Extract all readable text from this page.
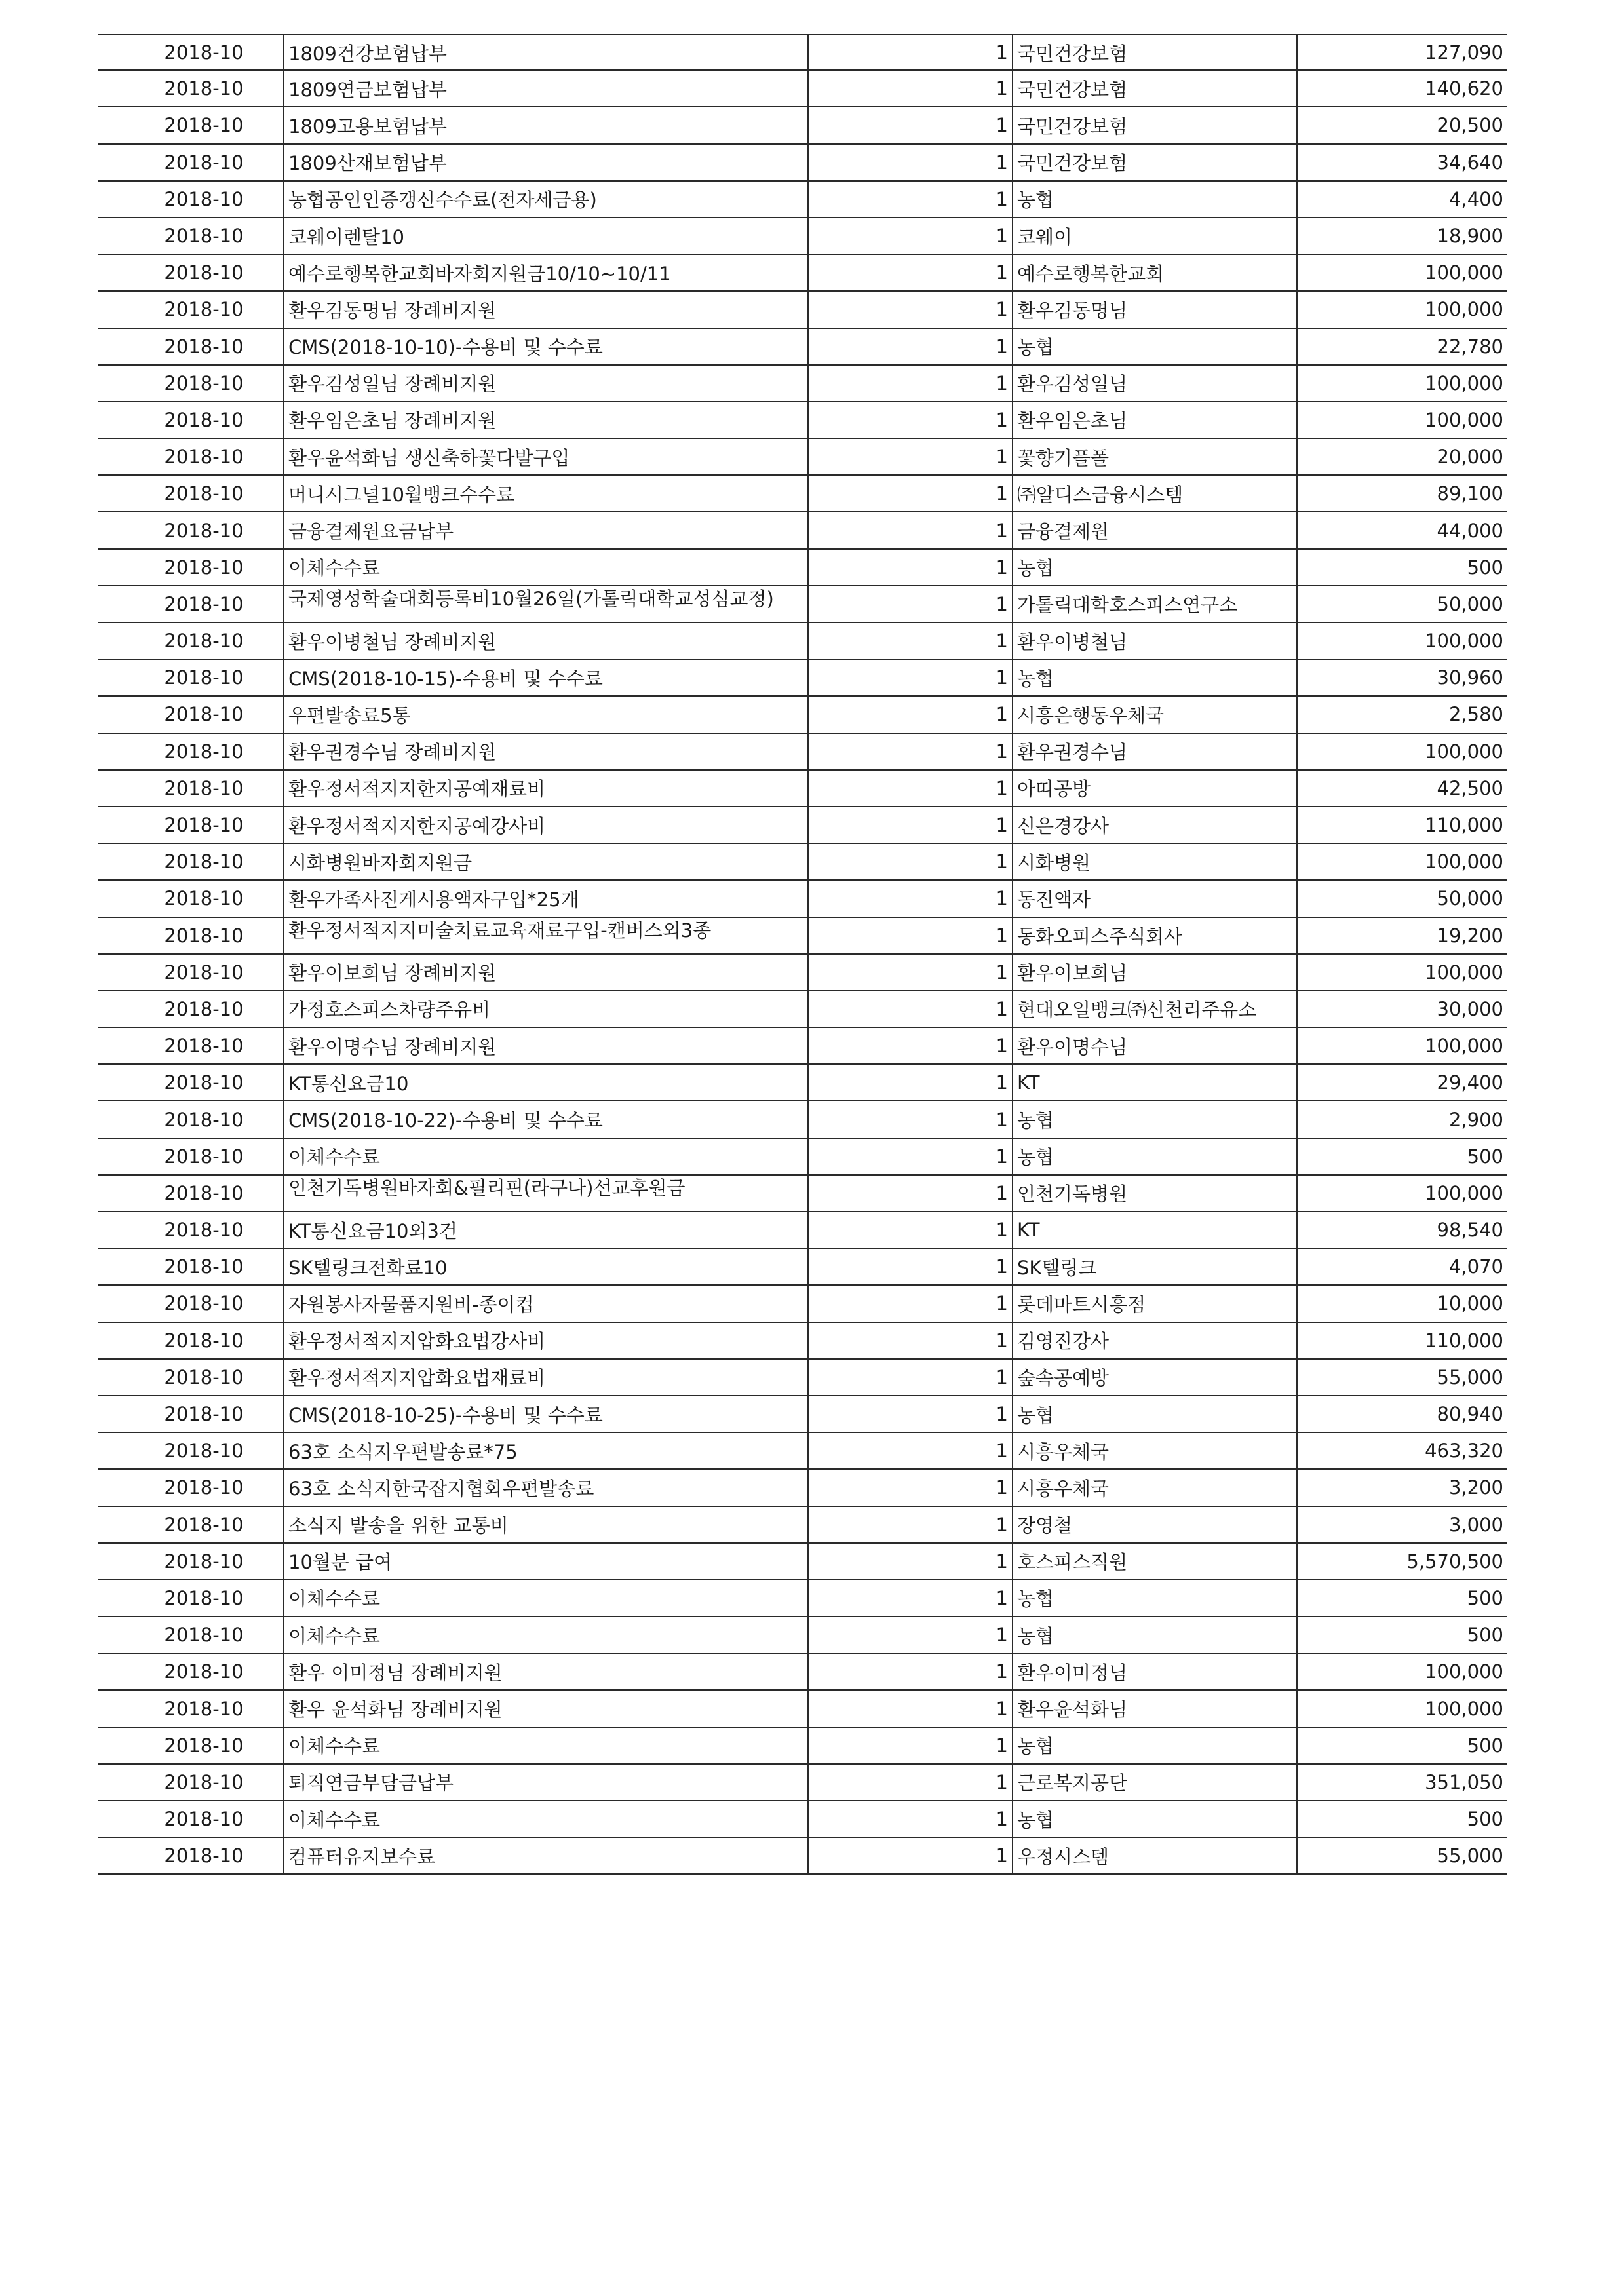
2018-10	1809건강보험납부	1 국민건강보험	127,090
2018-10	1809연금보험납부	1 국민건강보험	140,620
2018-10	1809고용보험납부	1 국민건강보험	20,500
2018-10	1809산재보험납부	1 국민건강보험	34,640
2018-10	농협공인인증갱신수수료(전자세금용)	1 농협	4,400
2018-10	코웨이렌탈10	1 코웨이	18,900
2018-10	예수로행복한교회바자회지원금10/10~10/11	1 예수로행복한교회	100,000
2018-10	환우김동명님 장례비지원	1 환우김동명님	100,000
2018-10	CMS(2018-10-10)-수용비 및 수수료	1 농협	22,780
2018-10	환우김성일님 장례비지원	1 환우김성일님	100,000
2018-10	환우임은초님 장례비지원	1 환우임은초님	100,000
2018-10	환우윤석화님 생신축하꽃다발구입	1 꽃향기플폴	20,000
2018-10	머니시그널10월뱅크수수료	1 ㈜알디스금융시스템	89,100
2018-10	금융결제원요금납부	1 금융결제원	44,000
2018-10	이체수수료	1 농협	500
2018-10	국제영성학술대회등록비10월26일(가톨릭대학교성심교정)	1 가톨릭대학호스피스연구소	50,000
2018-10	환우이병철님 장례비지원	1 환우이병철님	100,000
2018-10	CMS(2018-10-15)-수용비 및 수수료	1 농협	30,960
2018-10	우편발송료5통	1 시흥은행동우체국	2,580
2018-10	환우권경수님 장례비지원	1 환우권경수님	100,000
2018-10	환우정서적지지한지공예재료비	1 아띠공방	42,500
2018-10	환우정서적지지한지공예강사비	1 신은경강사	110,000
2018-10	시화병원바자회지원금	1 시화병원	100,000
2018-10	환우가족사진게시용액자구입*25개	1 동진액자	50,000
2018-10	환우정서적지지미술치료교육재료구입-캔버스외3종	1 동화오피스주식회사	19,200
2018-10	환우이보희님 장례비지원	1 환우이보희님	100,000
2018-10	가정호스피스차량주유비	1 현대오일뱅크㈜신천리주유소	30,000
2018-10	환우이명수님 장례비지원	1 환우이명수님	100,000
2018-10	KT통신요금10	1 KT	29,400
2018-10	CMS(2018-10-22)-수용비 및 수수료	1 농협	2,900
2018-10	이체수수료	1 농협	500
2018-10	인천기독병원바자회&필리핀(라구나)선교후원금	1 인천기독병원	100,000
2018-10	KT통신요금10외3건	1 KT	98,540
2018-10	SK텔링크전화료10	1 SK텔링크	4,070
2018-10	자원봉사자물품지원비-종이컵	1 롯데마트시흥점	10,000
2018-10	환우정서적지지압화요법강사비	1 김영진강사	110,000
2018-10	환우정서적지지압화요법재료비	1 숲속공예방	55,000
2018-10	CMS(2018-10-25)-수용비 및 수수료	1 농협	80,940
2018-10	63호 소식지우편발송료*75	1 시흥우체국	463,320
2018-10	63호 소식지한국잡지협회우편발송료	1 시흥우체국	3,200
2018-10	소식지 발송을 위한 교통비	1 장영철	3,000
2018-10	10월분 급여	1 호스피스직원	5,570,500
2018-10	이체수수료	1 농협	500
2018-10	이체수수료	1 농협	500
2018-10	환우 이미정님 장례비지원	1 환우이미정님	100,000
2018-10	환우 윤석화님 장례비지원	1 환우윤석화님	100,000
2018-10	이체수수료	1 농협	500
2018-10	퇴직연금부담금납부	1 근로복지공단	351,050
2018-10	이체수수료	1 농협	500
2018-10	컴퓨터유지보수료	1 우정시스템	55,000
